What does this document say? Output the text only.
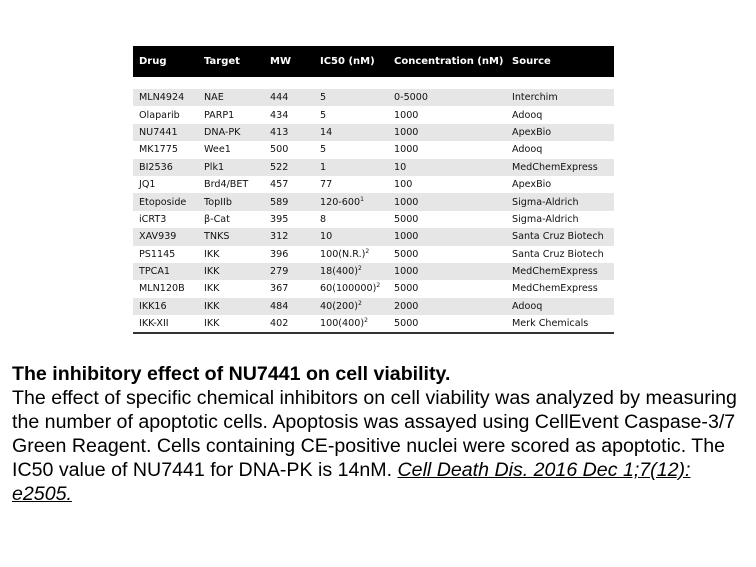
Drug	Target	MW	IC50 (nM)	Concentration (nM)	Source

MLN4924	NAE	444	5	0-5000	Interchim
Olaparib	PARP1	434	5	1000	Adooq
NU7441	DNA-PK	413	14	1000	ApexBio
MK1775	Wee1	500	5	1000	Adooq
BI2536	Plk1	522	1	10	MedChemExpress
JQ1	Brd4/BET	457	77	100	ApexBio
Etoposide	TopIIb	589	120-600$^1$	1000	Sigma-Aldrich
iCRT3	β-Cat	395	8	5000	Sigma-Aldrich
XAV939	TNKS	312	10	1000	Santa Cruz Biotech
PS1145	IKK	396	100(N.R.)$^2$	5000	Santa Cruz Biotech
TPCA1	IKK	279	18(400)$^2$	1000	MedChemExpress
MLN120B	IKK	367	60(100000)$^2$	5000	MedChemExpress
IKK16	IKK	484	40(200)$^2$	2000	Adooq
IKK-XII	IKK	402	100(400)$^2$	5000	Merk Chemicals
The inhibitory effect of NU7441 on cell viability.
The effect of specific chemical inhibitors on cell viability was analyzed by measuring the number of apoptotic cells. Apoptosis was assayed using CellEvent Caspase-3/7 Green Reagent. Cells containing CE-positive nuclei were scored as apoptotic. The IC50 value of NU7441 for DNA-PK is 14nM. Cell Death Dis. 2016 Dec 1;7(12): e2505.
